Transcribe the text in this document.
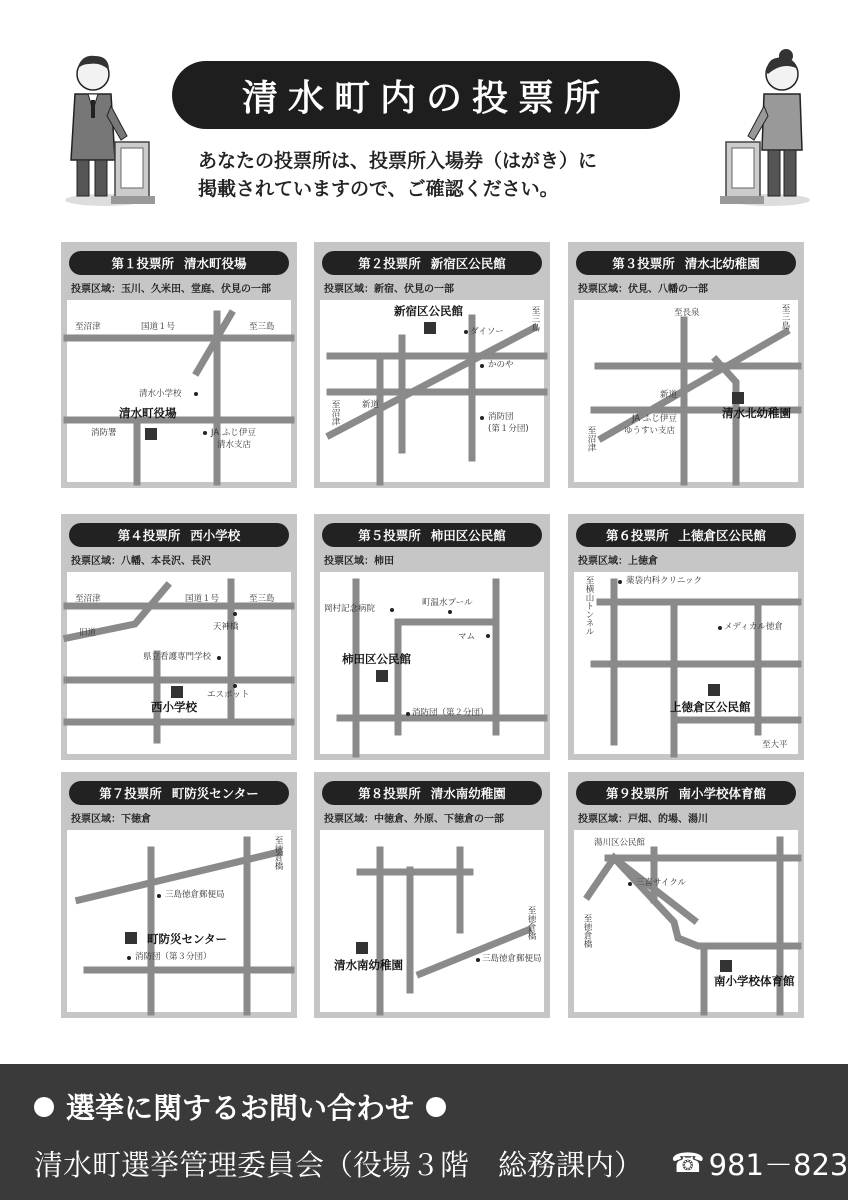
清水町内の投票所
あなたの投票所は、投票所入場券（はがき）に
掲載されていますので、ご確認ください。
第１投票所 清水町役場
投票区域：玉川、久米田、堂庭、伏見の一部
至沼津	国道１号	至三島
清水小学校
清水町役場
消防署	JA ふじ伊豆
清水支店
第２投票所 新宿区公民館
投票区域：新宿、伏見の一部
新宿区公民館
ダイソー
至三島
かのや
新道
至沼津	消防団
(第１分団)
第３投票所 清水北幼稚園
投票区域：伏見、八幡の一部
至三島
至長泉
新道
JA ふじ伊豆
ゆうすい支店
清水北幼稚園
至沼津
第４投票所 西小学校
投票区域：八幡、本長沢、長沢
至沼津	国道１号	至三島
旧道
天神橋
県立看護専門学校
エスポット
西小学校
第５投票所 柿田区公民館
投票区域：柿田
岡村記念病院
町温水プール
マム
柿田区公民館
消防団（第２分団）
第６投票所 上徳倉区公民館
投票区域：上徳倉
至横山トンネル	薬袋内科クリニック
メディカル徳倉
上徳倉区公民館
至大平
第７投票所 町防災センター
投票区域：下徳倉
至徳倉橋
三島徳倉郵便局
町防災センター
消防団（第３分団）
第８投票所 清水南幼稚園
投票区域：中徳倉、外原、下徳倉の一部
至徳倉橋
清水南幼稚園	三島徳倉郵便局
第９投票所 南小学校体育館
投票区域：戸畑、的場、湯川
湯川区公民館
三喜サイクル
至徳倉橋
南小学校体育館
選挙に関するお問い合わせ
清水町選挙管理委員会（役場３階　総務課内） ☎ 981－8230
